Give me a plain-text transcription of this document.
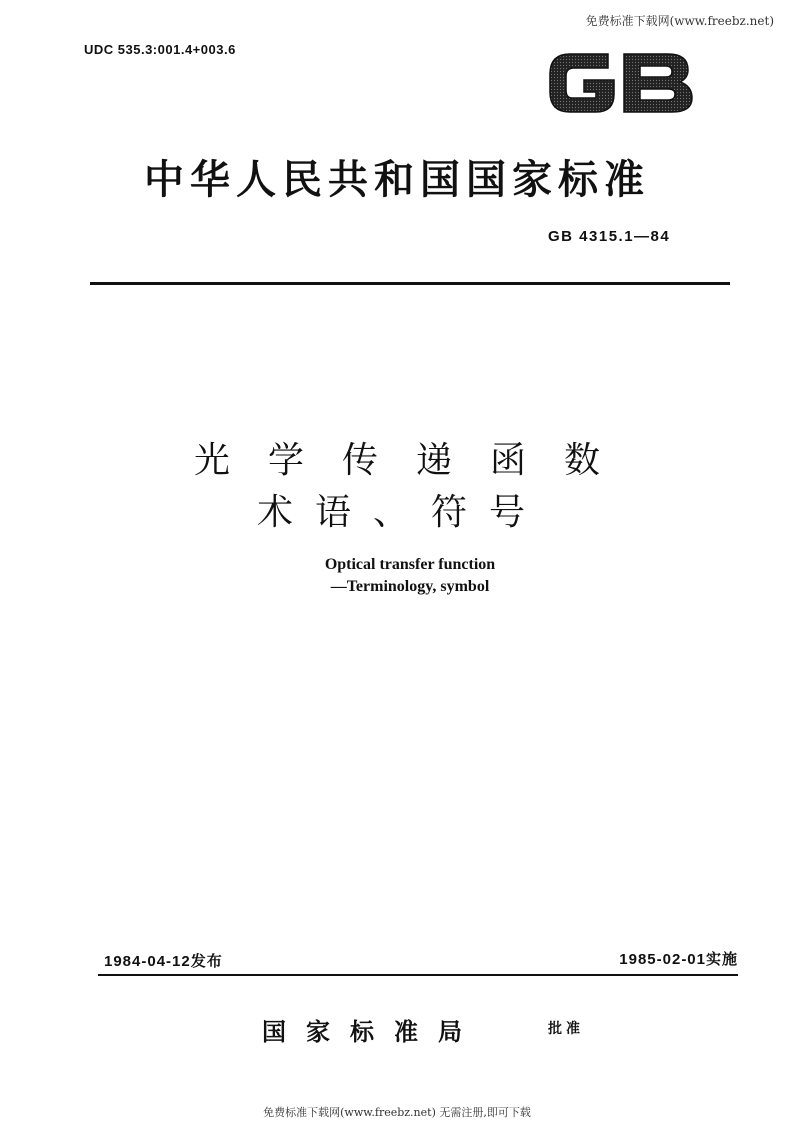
免费标准下载网(www.freebz.net)
UDC 535.3:001.4+003.6
中华人民共和国国家标准
GB 4315.1—84
光学传递函数
术语、符号
Optical transfer function
—Terminology, symbol
1984-04-12发布	1985-02-01实施
国家标准局	批准
免费标准下载网(www.freebz.net) 无需注册,即可下载
